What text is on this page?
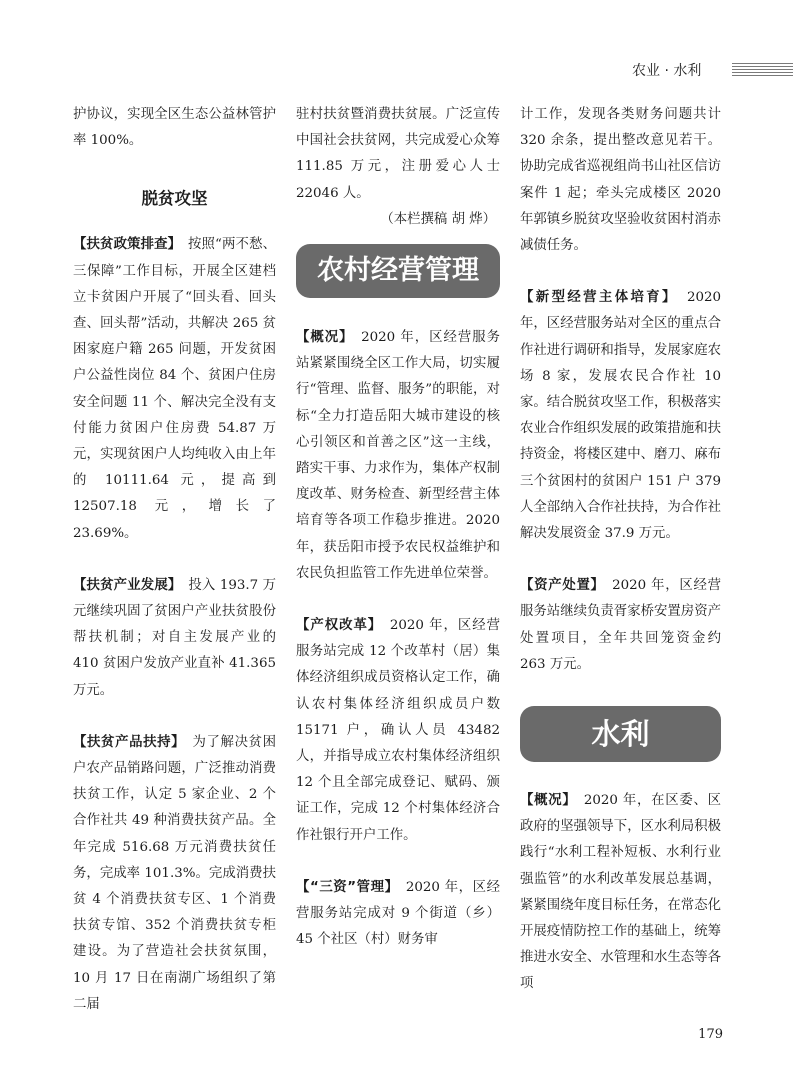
农业 · 水利

护协议，实现全区生态公益林管护率 100%。

脱贫攻坚

【扶贫政策排查】　 按照“两不愁、三保障”工作目标，开展全区建档立卡贫困户开展了“回头看、回头查、回头帮”活动，共解决 265 贫困家庭户籍 265 问题，开发贫困户公益性岗位 84 个、贫困户住房安全问题 11 个、解决完全没有支付能力贫困户住房费 54.87 万元，实现贫困户人均纯收入由上年的 10111.64 元，提高到 12507.18 元，增长了 23.69%。

【扶贫产业发展】　 投入 193.7 万元继续巩固了贫困户产业扶贫股份帮扶机制；对自主发展产业的 410 贫困户发放产业直补 41.365 万元。

【扶贫产品扶持】　 为了解决贫困户农产品销路问题，广泛推动消费扶贫工作，认定 5 家企业、2 个合作社共 49 种消费扶贫产品。全年完成 516.68 万元消费扶贫任务，完成率 101.3%。完成消费扶贫 4 个消费扶贫专区、1 个消费扶贫专馆、352 个消费扶贫专柜建设。为了营造社会扶贫氛围，10 月 17 日在南湖广场组织了第二届

驻村扶贫暨消费扶贫展。广泛宣传中国社会扶贫网，共完成爱心众筹 111.85 万元，注册爱心人士 22046 人。

（本栏撰稿 胡 烨）

农村经营管理

【概况】　 2020 年，区经营服务站紧紧围绕全区工作大局，切实履行“管理、监督、服务”的职能，对标“全力打造岳阳大城市建设的核心引领区和首善之区”这一主线，踏实干事、力求作为，集体产权制度改革、财务检查、新型经营主体培育等各项工作稳步推进。2020 年，获岳阳市授予农民权益维护和农民负担监管工作先进单位荣誉。

【产权改革】　 2020 年，区经营服务站完成 12 个改革村（居）集体经济组织成员资格认定工作，确认农村集体经济组织成员户数 15171 户，确认人员 43482 人，并指导成立农村集体经济组织 12 个且全部完成登记、赋码、颁证工作，完成 12 个村集体经济合作社银行开户工作。

【“三资”管理】　 2020 年，区经营服务站完成对 9 个街道（乡）45 个社区（村）财务审

计工作，发现各类财务问题共计 320 余条，提出整改意见若干。协助完成省巡视组尚书山社区信访案件 1 起；牵头完成楼区 2020 年郭镇乡脱贫攻坚验收贫困村消赤减债任务。

【新型经营主体培育】　 2020 年，区经营服务站对全区的重点合作社进行调研和指导，发展家庭农场 8 家，发展农民合作社 10 家。结合脱贫攻坚工作，积极落实农业合作组织发展的政策措施和扶持资金，将楼区建中、磨刀、麻布三个贫困村的贫困户 151 户 379 人全部纳入合作社扶持，为合作社解决发展资金 37.9 万元。

【资产处置】　 2020 年，区经营服务站继续负责胥家桥安置房资产处置项目，全年共回笼资金约 263 万元。

水利

【概况】　 2020 年，在区委、区政府的坚强领导下，区水利局积极践行“水利工程补短板、水利行业强监管”的水利改革发展总基调，紧紧围绕年度目标任务，在常态化开展疫情防控工作的基础上，统筹推进水安全、水管理和水生态等各项

179
